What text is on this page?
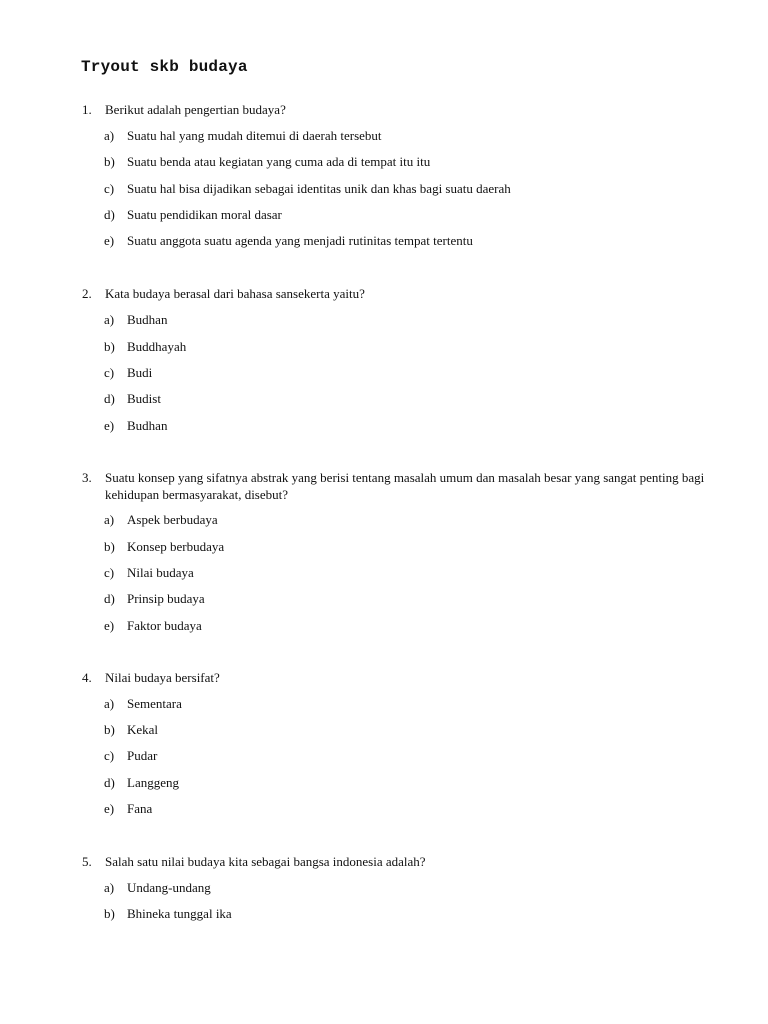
Tryout skb budaya
1. Berikut adalah pengertian budaya?
a) Suatu hal yang mudah ditemui di daerah tersebut
b) Suatu benda atau kegiatan yang cuma ada di tempat itu itu
c) Suatu hal bisa dijadikan sebagai identitas unik dan khas bagi suatu daerah
d) Suatu pendidikan moral dasar
e) Suatu anggota suatu agenda yang menjadi rutinitas tempat tertentu
2. Kata budaya berasal dari bahasa sansekerta yaitu?
a) Budhan
b) Buddhayah
c) Budi
d) Budist
e) Budhan
3. Suatu konsep yang sifatnya abstrak yang berisi tentang masalah umum dan masalah besar yang sangat penting bagi kehidupan bermasyarakat, disebut?
a) Aspek berbudaya
b) Konsep berbudaya
c) Nilai budaya
d) Prinsip budaya
e) Faktor budaya
4. Nilai budaya bersifat?
a) Sementara
b) Kekal
c) Pudar
d) Langgeng
e) Fana
5. Salah satu nilai budaya kita sebagai bangsa indonesia adalah?
a) Undang-undang
b) Bhineka tunggal ika
